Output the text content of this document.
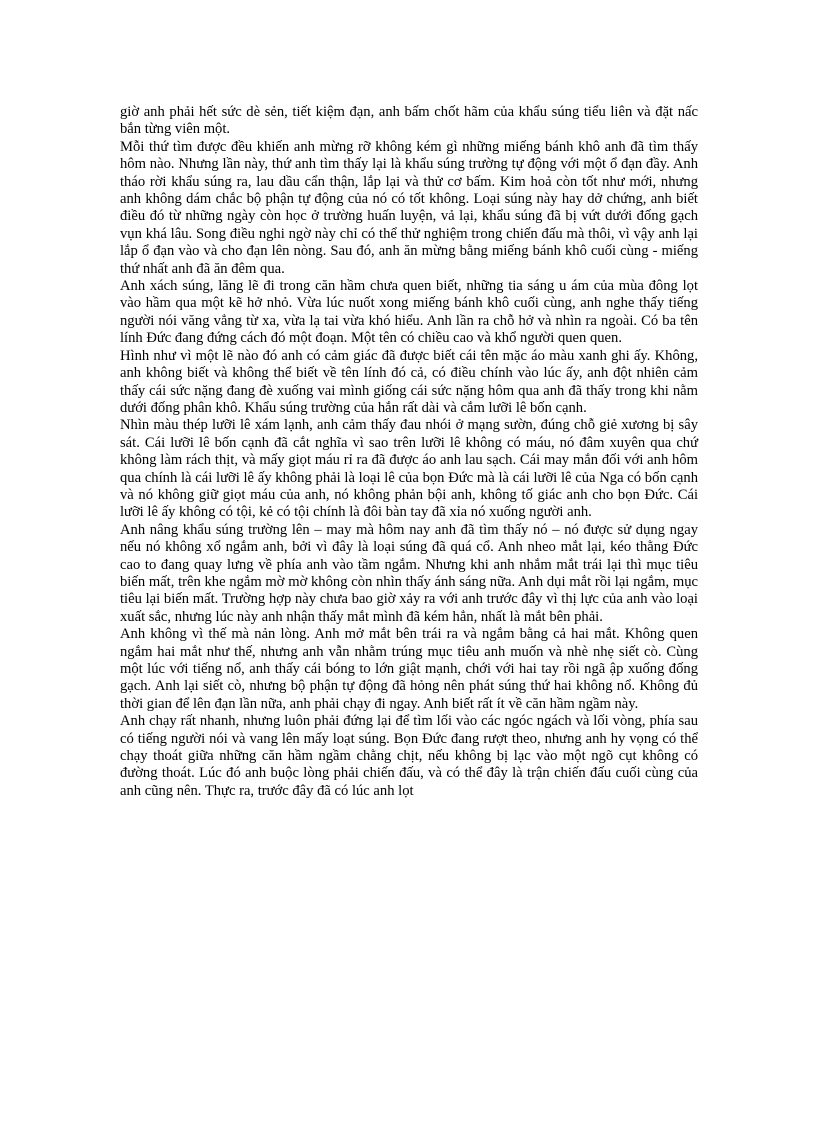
giờ anh phải hết sức dè sẻn, tiết kiệm đạn, anh bấm chốt hãm của khẩu súng tiểu liên và đặt nấc bắn từng viên một.

Mỗi thứ tìm được đều khiến anh mừng rỡ không kém gì những miếng bánh khô anh đã tìm thấy hôm nào. Nhưng lần này, thứ anh tìm thấy lại là khẩu súng trường tự động với một ổ đạn đầy. Anh tháo rời khẩu súng ra, lau dầu cẩn thận, lắp lại và thử cơ bấm. Kim hoả còn tốt như mới, nhưng anh không dám chắc bộ phận tự động của nó có tốt không. Loại súng này hay dở chứng, anh biết điều đó từ những ngày còn học ở trường huấn luyện, vả lại, khẩu súng đã bị vứt dưới đống gạch vụn khá lâu. Song điều nghi ngờ này chỉ có thể thử nghiệm trong chiến đấu mà thôi, vì vậy anh lại lắp ổ đạn vào và cho đạn lên nòng. Sau đó, anh ăn mừng bằng miếng bánh khô cuối cùng - miếng thứ nhất anh đã ăn đêm qua.

Anh xách súng, lăng lẽ đi trong căn hầm chưa quen biết, những tia sáng u ám của mùa đông lọt vào hầm qua một kẽ hở nhỏ. Vừa lúc nuốt xong miếng bánh khô cuối cùng, anh nghe thấy tiếng người nói văng vẳng từ xa, vừa lạ tai vừa khó hiểu. Anh lần ra chỗ hở và nhìn ra ngoài. Có ba tên lính Đức đang đứng cách đó một đoạn. Một tên có chiều cao và khổ người quen quen.

Hình như vì một lẽ nào đó anh có cảm giác đã được biết cái tên mặc áo màu xanh ghi ấy. Không, anh không biết và không thể biết về tên lính đó cả, có điều chính vào lúc ấy, anh đột nhiên cảm thấy cái sức nặng đang đè xuống vai mình giống cái sức nặng hôm qua anh đã thấy trong khi nằm dưới đống phân khô. Khẩu súng trường của hắn rất dài và cắm lưỡi lê bốn cạnh.

Nhìn màu thép lưỡi lê xám lạnh, anh cảm thấy đau nhói ở mạng sườn, đúng chỗ giẻ xương bị sây sát. Cái lưỡi lê bốn cạnh đã cắt nghĩa vì sao trên lưỡi lê không có máu, nó đâm xuyên qua chứ không làm rách thịt, và mấy giọt máu rỉ ra đã được áo anh lau sạch. Cái may mắn đối với anh hôm qua chính là cái lưỡi lê ấy không phải là loại lê của bọn Đức mà là cái lưỡi lê của Nga có bốn cạnh và nó không giữ giọt máu của anh, nó không phản bội anh, không tố giác anh cho bọn Đức. Cái lưỡi lê ấy không có tội, kẻ có tội chính là đôi bàn tay đã xỉa nó xuống người anh.

Anh nâng khẩu súng trường lên – may mà hôm nay anh đã tìm thấy nó – nó được sử dụng ngay nếu nó không xổ ngắm anh, bởi vì đây là loại súng đã quá cổ. Anh nheo mắt lại, kéo thằng Đức cao to đang quay lưng về phía anh vào tầm ngắm. Nhưng khi anh nhắm mắt trái lại thì mục tiêu biến mất, trên khe ngắm mờ mờ không còn nhìn thấy ánh sáng nữa. Anh dụi mắt rồi lại ngắm, mục tiêu lại biến mất. Trường hợp này chưa bao giờ xảy ra với anh trước đây vì thị lực của anh vào loại xuất sắc, nhưng lúc này anh nhận thấy mắt mình đã kém hẳn, nhất là mắt bên phải.

Anh không vì thế mà nản lòng. Anh mở mắt bên trái ra và ngắm bằng cả hai mắt. Không quen ngắm hai mắt như thế, nhưng anh vẫn nhằm trúng mục tiêu anh muốn và nhè nhẹ siết cò. Cùng một lúc với tiếng nổ, anh thấy cái bóng to lớn giật mạnh, chới với hai tay rồi ngã ập xuống đống gạch. Anh lại siết cò, nhưng bộ phận tự động đã hỏng nên phát súng thứ hai không nổ. Không đủ thời gian để lên đạn lần nữa, anh phải chạy đi ngay. Anh biết rất ít về căn hầm ngầm này.

Anh chạy rất nhanh, nhưng luôn phải đứng lại để tìm lối vào các ngóc ngách và lối vòng, phía sau có tiếng người nói và vang lên mấy loạt súng. Bọn Đức đang rượt theo, nhưng anh hy vọng có thể chạy thoát giữa những căn hầm ngầm chằng chịt, nếu không bị lạc vào một ngõ cụt không có đường thoát. Lúc đó anh buộc lòng phải chiến đấu, và có thể đây là trận chiến đấu cuối cùng của anh cũng nên. Thực ra, trước đây đã có lúc anh lọt
